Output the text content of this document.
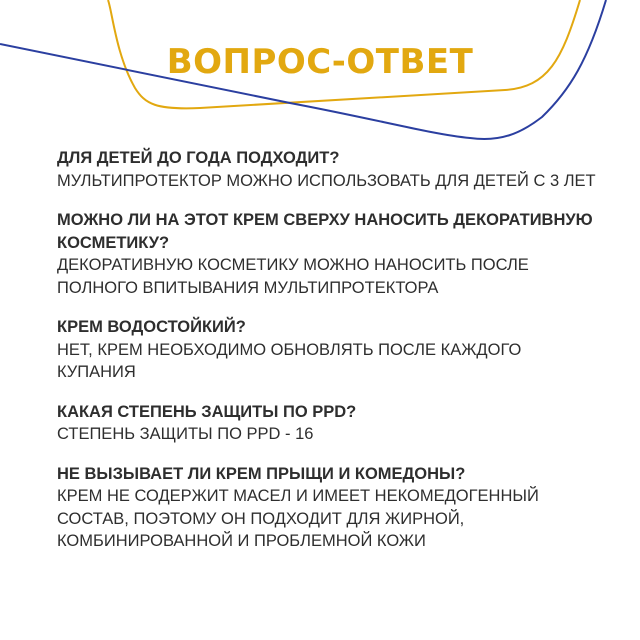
ВОПРОС-ОТВЕТ
ДЛЯ ДЕТЕЙ ДО ГОДА ПОДХОДИТ?
МУЛЬТИПРОТЕКТОР МОЖНО ИСПОЛЬЗОВАТЬ ДЛЯ ДЕТЕЙ С 3 ЛЕТ
МОЖНО ЛИ НА ЭТОТ КРЕМ СВЕРХУ НАНОСИТЬ ДЕКОРАТИВНУЮ КОСМЕТИКУ?
ДЕКОРАТИВНУЮ КОСМЕТИКУ МОЖНО НАНОСИТЬ ПОСЛЕ ПОЛНОГО ВПИТЫВАНИЯ МУЛЬТИПРОТЕКТОРА
КРЕМ ВОДОСТОЙКИЙ?
НЕТ, КРЕМ НЕОБХОДИМО ОБНОВЛЯТЬ ПОСЛЕ КАЖДОГО КУПАНИЯ
КАКАЯ СТЕПЕНЬ ЗАЩИТЫ ПО PPD?
СТЕПЕНЬ ЗАЩИТЫ ПО PPD - 16
НЕ ВЫЗЫВАЕТ ЛИ КРЕМ ПРЫЩИ И КОМЕДОНЫ?
КРЕМ НЕ СОДЕРЖИТ МАСЕЛ И ИМЕЕТ НЕКОМЕДОГЕННЫЙ СОСТАВ, ПОЭТОМУ ОН ПОДХОДИТ ДЛЯ ЖИРНОЙ, КОМБИНИРОВАННОЙ И ПРОБЛЕМНОЙ КОЖИ
